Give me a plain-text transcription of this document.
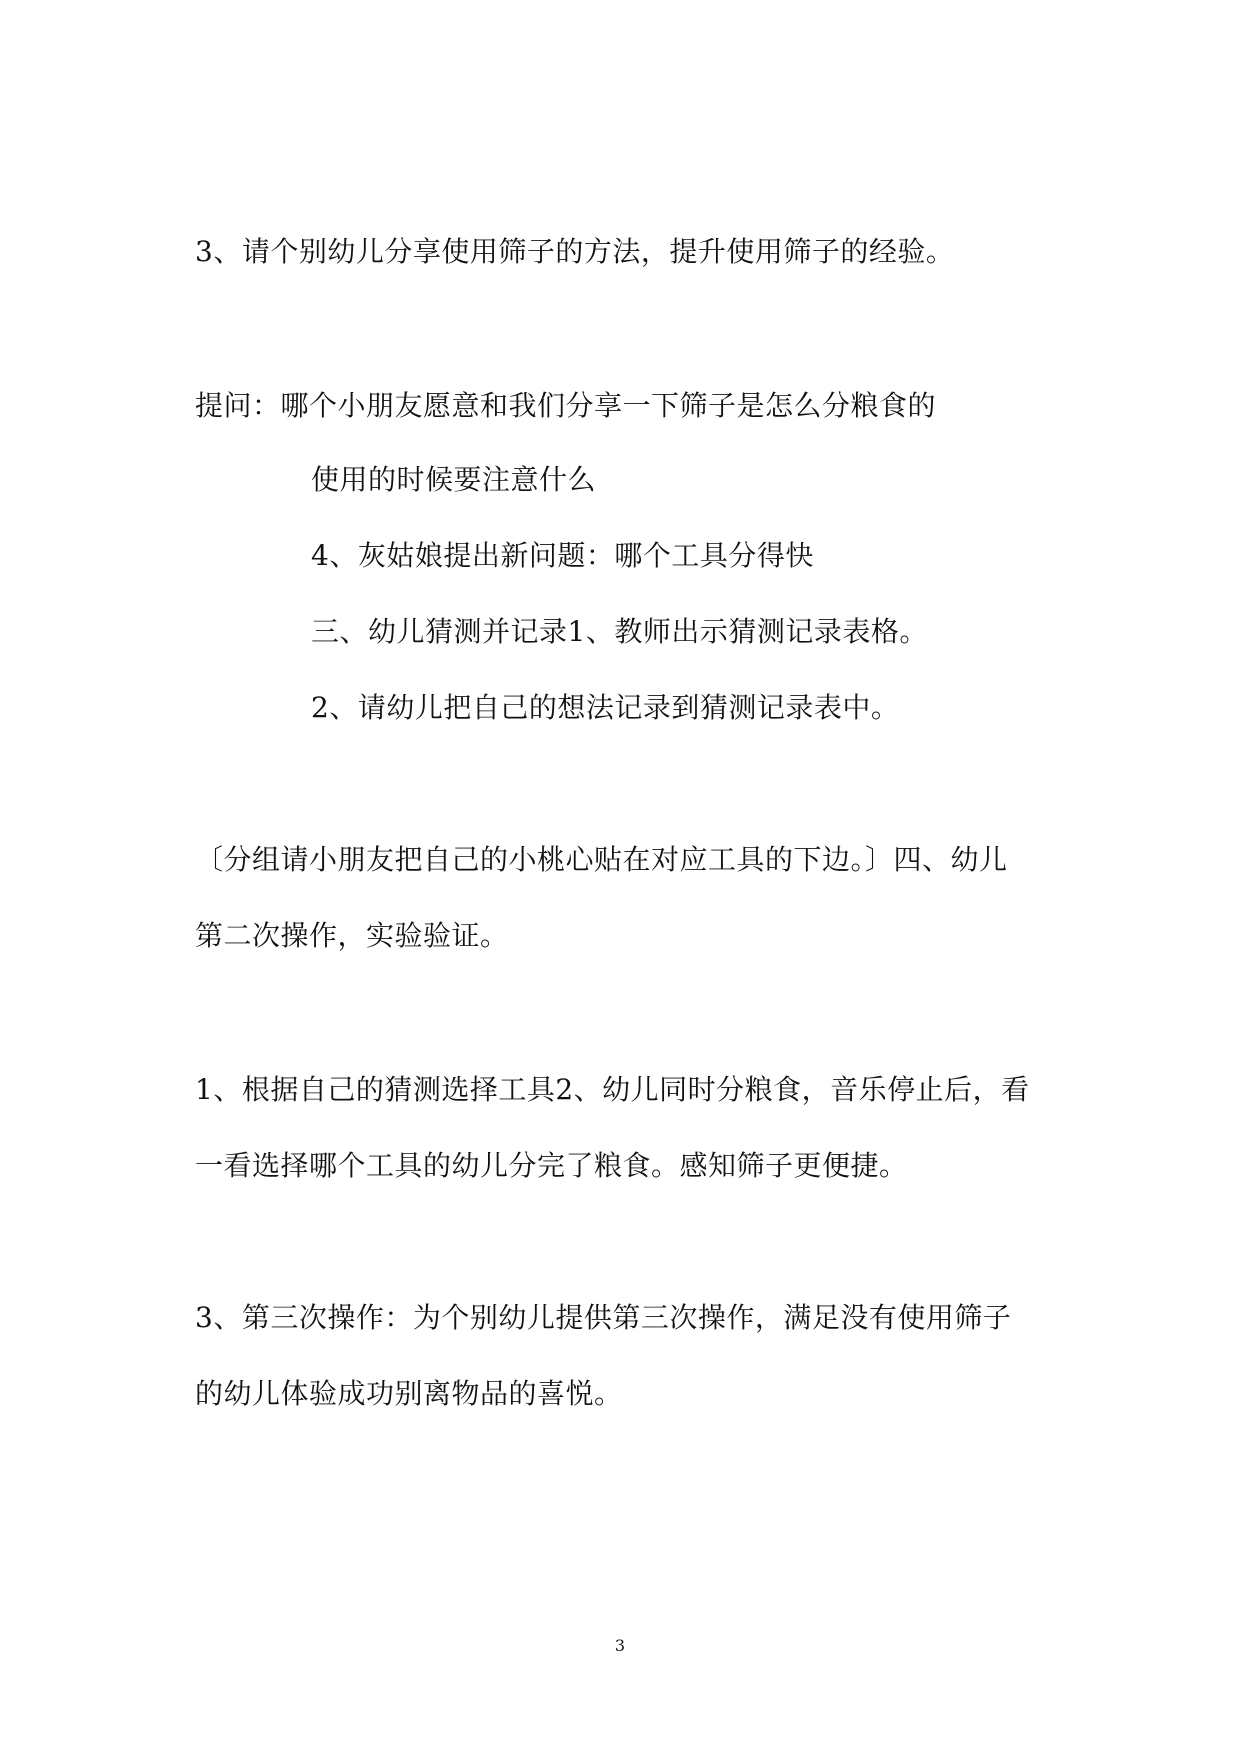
3、请个别幼儿分享使用筛子的方法，提升使用筛子的经验。
提问：哪个小朋友愿意和我们分享一下筛子是怎么分粮食的
使用的时候要注意什么
4、灰姑娘提出新问题：哪个工具分得快
三、幼儿猜测并记录1、教师出示猜测记录表格。
2、请幼儿把自己的想法记录到猜测记录表中。
〔分组请小朋友把自己的小桃心贴在对应工具的下边。〕四、幼儿
第二次操作，实验验证。
1、根据自己的猜测选择工具2、幼儿同时分粮食，音乐停止后，看
一看选择哪个工具的幼儿分完了粮食。感知筛子更便捷。
3、第三次操作：为个别幼儿提供第三次操作，满足没有使用筛子
的幼儿体验成功别离物品的喜悦。
3
